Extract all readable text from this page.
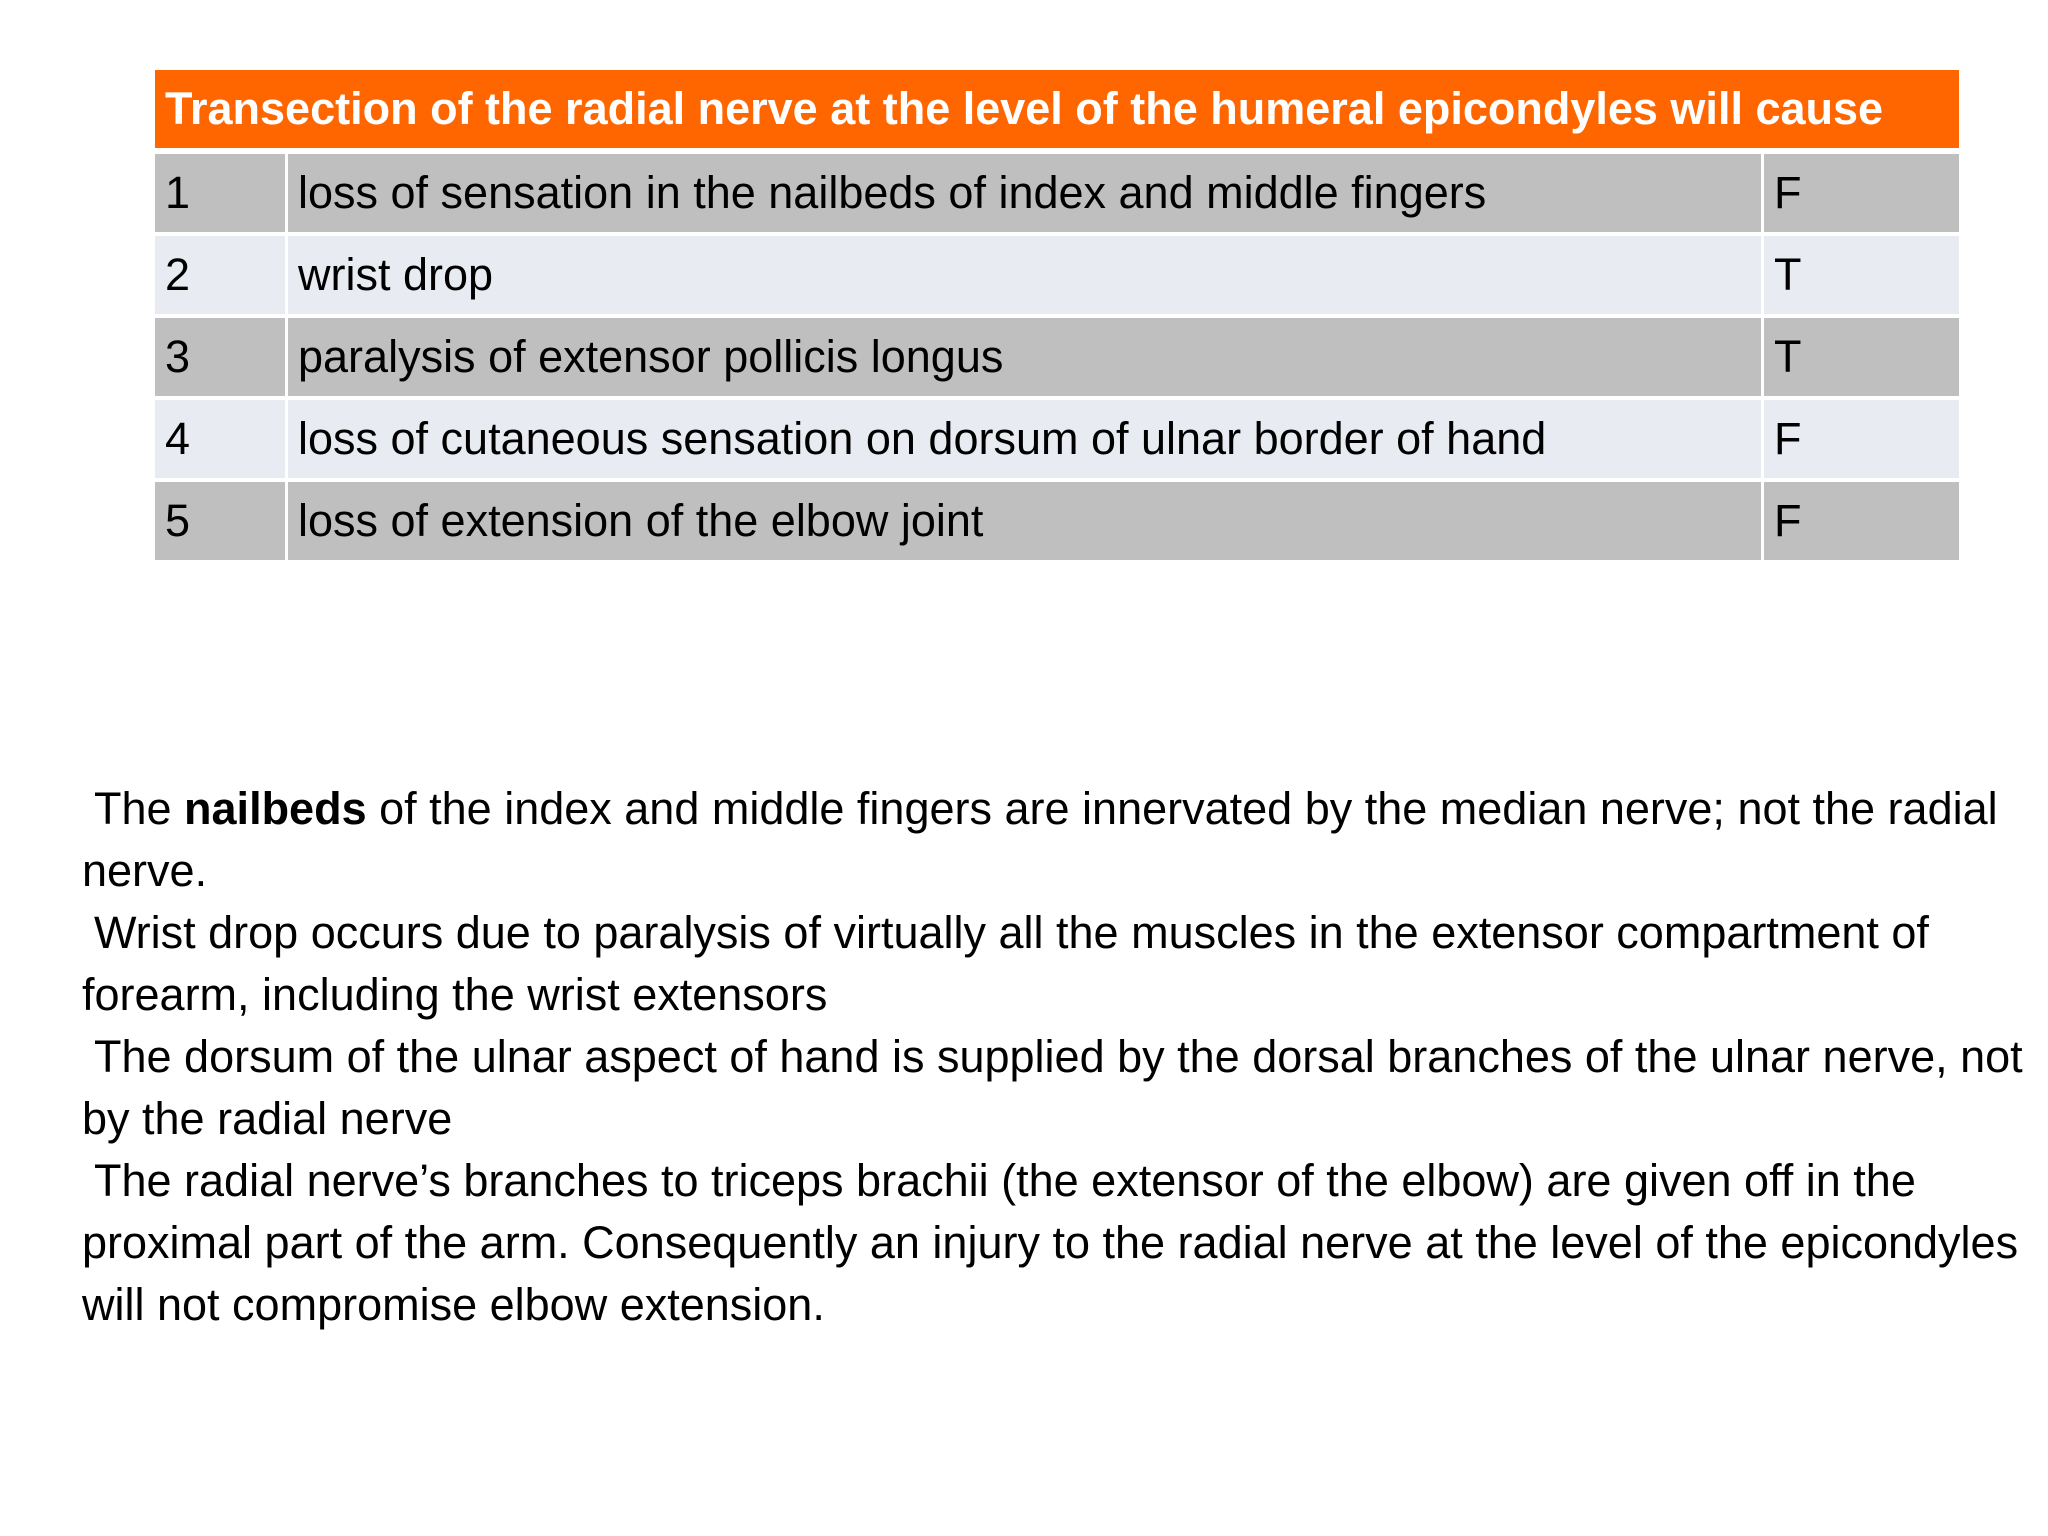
Transection of the radial nerve at the level of the humeral epicondyles will cause		
1	loss of sensation in the nailbeds of index and middle fingers	F
2	wrist drop	T
3	paralysis of extensor pollicis longus	T
4	loss of cutaneous sensation on dorsum of ulnar border of hand	F
5	loss of extension of the elbow joint	F

The nailbeds of the index and middle fingers are innervated by the median nerve; not the radial nerve.

Wrist drop occurs due to paralysis of virtually all the muscles in the extensor compartment of forearm, including the wrist extensors

The dorsum of the ulnar aspect of hand is supplied by the dorsal branches of the ulnar nerve, not by the radial nerve

The radial nerve’s branches to triceps brachii (the extensor of the elbow) are given off in the proximal part of the arm. Consequently an injury to the radial nerve at the level of the epicondyles will not compromise elbow extension.
